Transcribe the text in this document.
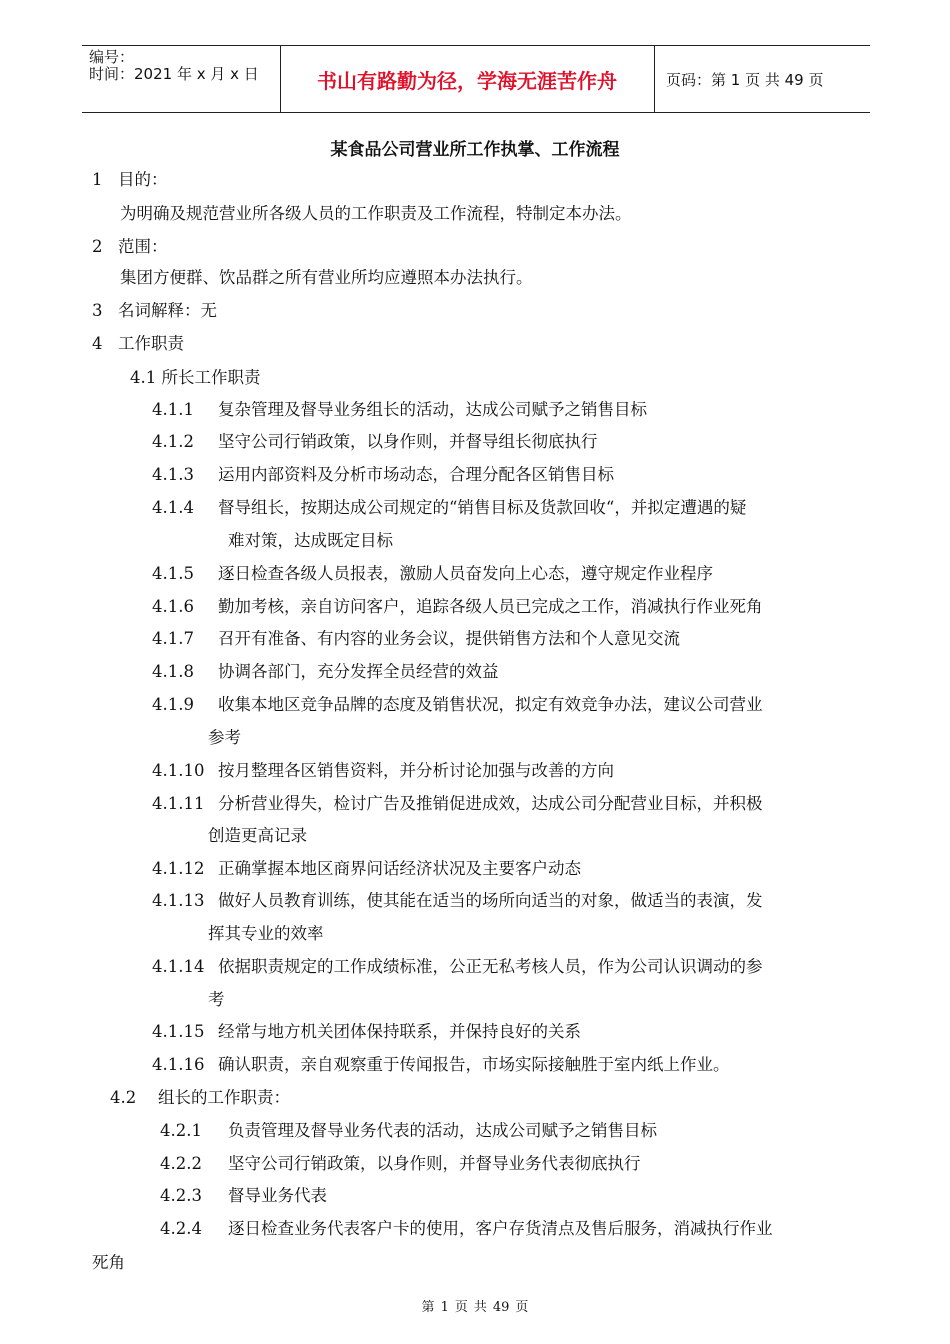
编号：
时间：2021 年 x 月 x 日	书山有路勤为径，学海无涯苦作舟	页码：第 1 页 共 49 页
某食品公司营业所工作执掌、工作流程
1 目的：
为明确及规范营业所各级人员的工作职责及工作流程，特制定本办法。
2 范围：
集团方便群、饮品群之所有营业所均应遵照本办法执行。
3 名词解释：无
4 工作职责
4.1 所长工作职责
4.1.1 复杂管理及督导业务组长的活动，达成公司赋予之销售目标
4.1.2 坚守公司行销政策，以身作则，并督导组长彻底执行
4.1.3 运用内部资料及分析市场动态，合理分配各区销售目标
4.1.4 督导组长，按期达成公司规定的“销售目标及货款回收“，并拟定遭遇的疑
难对策，达成既定目标
4.1.5 逐日检查各级人员报表，激励人员奋发向上心态，遵守规定作业程序
4.1.6 勤加考核，亲自访问客户，追踪各级人员已完成之工作，消减执行作业死角
4.1.7 召开有准备、有内容的业务会议，提供销售方法和个人意见交流
4.1.8 协调各部门，充分发挥全员经营的效益
4.1.9 收集本地区竞争品牌的态度及销售状况，拟定有效竞争办法，建议公司营业
参考
4.1.10 按月整理各区销售资料，并分析讨论加强与改善的方向
4.1.11 分析营业得失，检讨广告及推销促进成效，达成公司分配营业目标，并积极
创造更高记录
4.1.12 正确掌握本地区商界问话经济状况及主要客户动态
4.1.13 做好人员教育训练，使其能在适当的场所向适当的对象，做适当的表演，发
挥其专业的效率
4.1.14 依据职责规定的工作成绩标准，公正无私考核人员，作为公司认识调动的参
考
4.1.15 经常与地方机关团体保持联系，并保持良好的关系
4.1.16 确认职责，亲自观察重于传闻报告，市场实际接触胜于室内纸上作业。
4.2 组长的工作职责：
4.2.1 负责管理及督导业务代表的活动，达成公司赋予之销售目标
4.2.2 坚守公司行销政策，以身作则，并督导业务代表彻底执行
4.2.3 督导业务代表
4.2.4 逐日检查业务代表客户卡的使用，客户存货清点及售后服务，消减执行作业
死角
第 1 页 共 49 页
